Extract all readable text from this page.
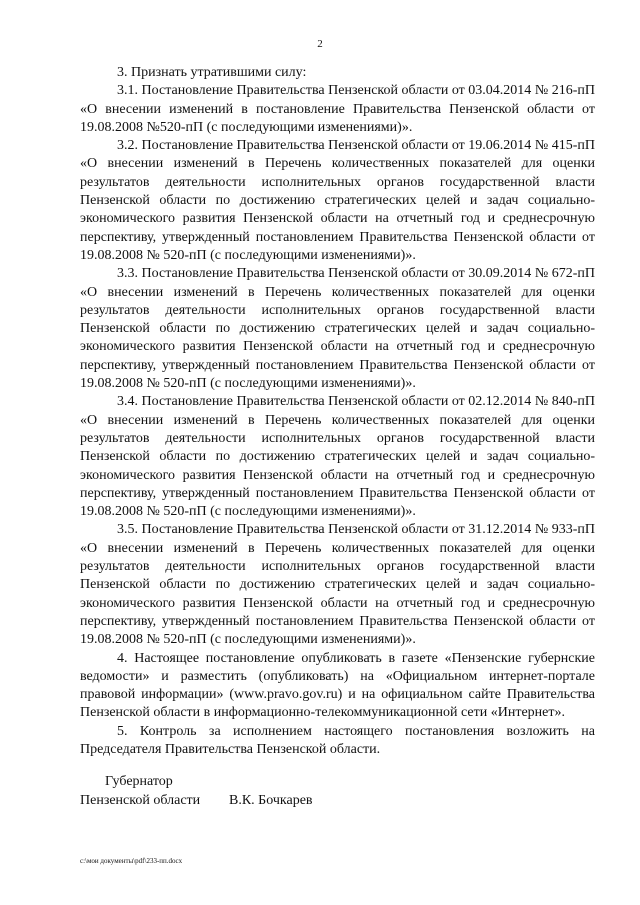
2

3. Признать утратившими силу:

3.1. Постановление Правительства Пензенской области от 03.04.2014 № 216-пП «О внесении изменений в постановление Правительства Пензенской области от 19.08.2008 №520-пП (с последующими изменениями)».

3.2. Постановление Правительства Пензенской области от 19.06.2014 № 415-пП «О внесении изменений в Перечень количественных показателей для оценки результатов деятельности исполнительных органов государственной власти Пензенской области по достижению стратегических целей и задач социально-экономического развития Пензенской области на отчетный год и среднесрочную перспективу, утвержденный постановлением Правительства Пензенской области от 19.08.2008 № 520-пП (с последующими изменениями)».

3.3. Постановление Правительства Пензенской области от 30.09.2014 № 672-пП «О внесении изменений в Перечень количественных показателей для оценки результатов деятельности исполнительных органов государственной власти Пензенской области по достижению стратегических целей и задач социально-экономического развития Пензенской области на отчетный год и среднесрочную перспективу, утвержденный постановлением Правительства Пензенской области от 19.08.2008 № 520-пП (с последующими изменениями)».

3.4. Постановление Правительства Пензенской области от 02.12.2014 № 840-пП «О внесении изменений в Перечень количественных показателей для оценки результатов деятельности исполнительных органов государственной власти Пензенской области по достижению стратегических целей и задач социально-экономического развития Пензенской области на отчетный год и среднесрочную перспективу, утвержденный постановлением Правительства Пензенской области от 19.08.2008 № 520-пП (с последующими изменениями)».

3.5. Постановление Правительства Пензенской области от 31.12.2014 № 933-пП «О внесении изменений в Перечень количественных показателей для оценки результатов деятельности исполнительных органов государственной власти Пензенской области по достижению стратегических целей и задач социально-экономического развития Пензенской области на отчетный год и среднесрочную перспективу, утвержденный постановлением Правительства Пензенской области от 19.08.2008 № 520-пП (с последующими изменениями)».

4. Настоящее постановление опубликовать в газете «Пензенские губернские ведомости» и разместить (опубликовать) на «Официальном интернет-портале правовой информации» (www.pravo.gov.ru) и на официальном сайте Правительства Пензенской области в информационно-телекоммуникационной сети «Интернет».

5. Контроль за исполнением настоящего постановления возложить на Председателя Правительства Пензенской области.

Губернатор
Пензенской области	В.К. Бочкарев
c:\мои документы\pdf\233-пп.docx
